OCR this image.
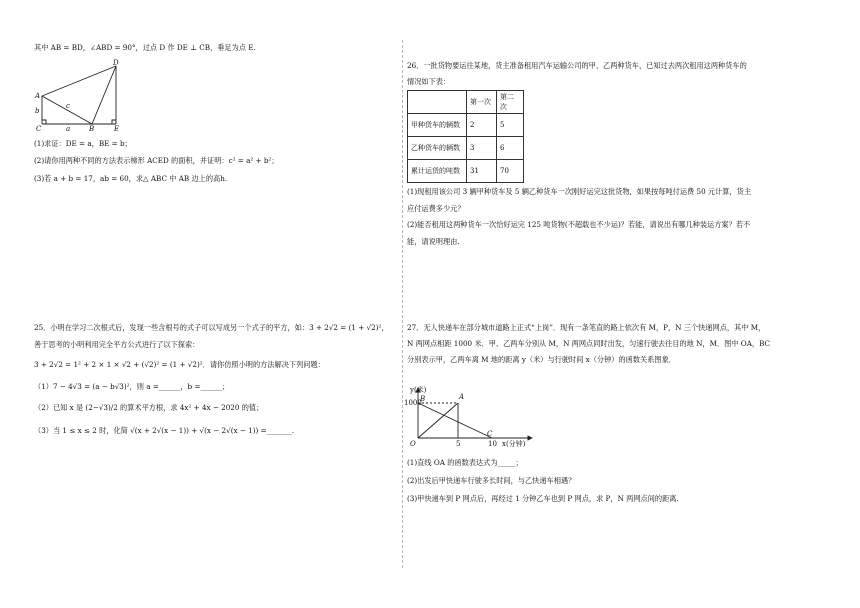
其中 AB = BD，∠ABD = 90°，过点 D 作 DE ⊥ CB，垂足为点 E.
D
A
C	B	E
a
b
c
(1)求证：DE = a，BE = b；
(2)请你用两种不同的方法表示梯形 ACED 的面积，并证明：c² = a² + b²；
(3)若 a + b = 17，ab = 60，求△ ABC 中 AB 边上的高h.
25．小明在学习二次根式后，发现一些含根号的式子可以写成另一个式子的平方，如：3 + 2√2 = (1 + √2)²，
善于思考的小明利用完全平方公式进行了以下探索：
3 + 2√2 = 1² + 2 × 1 × √2 + (√2)² = (1 + √2)²．请你仿照小明的方法解决下列问题：
（1）7 − 4√3 = (a − b√3)²，则 a =______，b =______；
（2）已知 x 是 (2−√3)/2 的算术平方根，求 4x² + 4x − 2020 的值；
（3）当 1 ≤ x ≤ 2 时，化简 √(x + 2√(x − 1)) + √(x − 2√(x − 1)) =_______.
26．一批货物要运往某地，货主准备租用汽车运输公司的甲、乙两种货车，已知过去两次租用这两种货车的
情况如下表：
	第一次	第二次
甲种货车的辆数	2	5
乙种货车的辆数	3	6
累计运货的吨数	31	70
(1)现租用该公司 3 辆甲种货车及 5 辆乙种货车一次刚好运完这批货物，如果按每吨付运费 50 元计算，货主
应付运费多少元？
(2)能否租用这两种货车一次恰好运完 125 吨货物(不超载也不少运)？若能，请说出有哪几种装运方案？若不
能，请说明理由.
27．无人快递车在部分城市道路上正式“上岗”．现有一条笔直的路上依次有 M，P，N 三个快递网点，其中 M，
N 两网点相距 1000 米．甲、乙两车分别从 M，N 两网点同时出发，匀速行驶去往目的地 N，M．图中 OA，BC
分别表示甲，乙两车离 M 地的距离 y（米）与行驶时间 x（分钟）的函数关系图象．
y(米)
1000
B	A
O	5
C
10 x(分钟)
(1)直线 OA 的函数表达式为_____；
(2)出发后甲快递车行驶多长时间，与乙快递车相遇？
(3)甲快递车到 P 网点后，再经过 1 分钟乙车也到 P 网点，求 P，N 两网点间的距离.
